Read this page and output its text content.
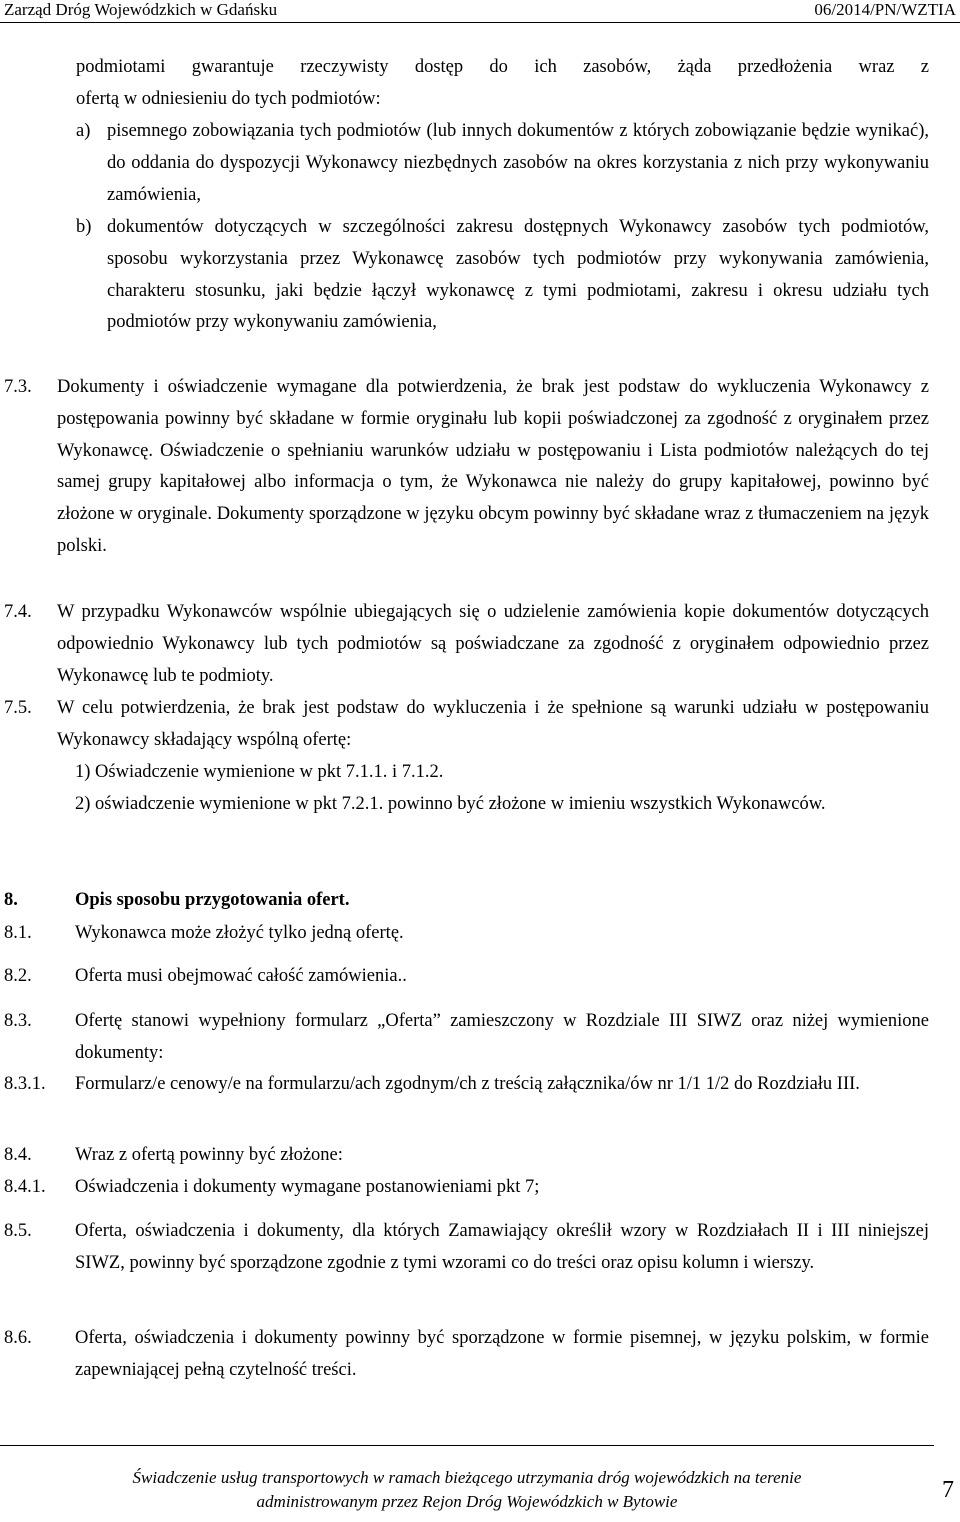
Zarząd Dróg Wojewódzkich w Gdańsku	06/2014/PN/WZTIA
podmiotami gwarantuje rzeczywisty dostęp do ich zasobów, żąda przedłożenia wraz z
ofertą w odniesieniu do tych podmiotów:
a) pisemnego zobowiązania tych podmiotów (lub innych dokumentów z których zobowiązanie będzie wynikać), do oddania do dyspozycji Wykonawcy niezbędnych zasobów na okres korzystania z nich przy wykonywaniu zamówienia,
b) dokumentów dotyczących w szczególności zakresu dostępnych Wykonawcy zasobów tych podmiotów, sposobu wykorzystania przez Wykonawcę zasobów tych podmiotów przy wykonywania zamówienia, charakteru stosunku, jaki będzie łączył wykonawcę z tymi podmiotami, zakresu i okresu udziału tych podmiotów przy wykonywaniu zamówienia,
7.3. Dokumenty i oświadczenie wymagane dla potwierdzenia, że brak jest podstaw do wykluczenia Wykonawcy z postępowania powinny być składane w formie oryginału lub kopii poświadczonej za zgodność z oryginałem przez Wykonawcę. Oświadczenie o spełnianiu warunków udziału w postępowaniu i Lista podmiotów należących do tej samej grupy kapitałowej albo informacja o tym, że Wykonawca nie należy do grupy kapitałowej, powinno być złożone w oryginale. Dokumenty sporządzone w języku obcym powinny być składane wraz z tłumaczeniem na język polski.
7.4. W przypadku Wykonawców wspólnie ubiegających się o udzielenie zamówienia kopie dokumentów dotyczących odpowiednio Wykonawcy lub tych podmiotów są poświadczane za zgodność z oryginałem odpowiednio przez Wykonawcę lub te podmioty.
7.5. W celu potwierdzenia, że brak jest podstaw do wykluczenia i że spełnione są warunki udziału w postępowaniu Wykonawcy składający wspólną ofertę:
1) Oświadczenie wymienione w pkt 7.1.1. i 7.1.2.
2) oświadczenie wymienione w pkt 7.2.1. powinno być złożone w imieniu wszystkich Wykonawców.
8.	Opis sposobu przygotowania ofert.
8.1. Wykonawca może złożyć tylko jedną ofertę.
8.2. Oferta musi obejmować całość zamówienia..
8.3. Ofertę stanowi wypełniony formularz „Oferta” zamieszczony w Rozdziale III SIWZ oraz niżej wymienione dokumenty:
8.3.1. Formularz/e cenowy/e na formularzu/ach zgodnym/ch z treścią załącznika/ów nr 1/1 1/2 do Rozdziału III.
8.4. Wraz z ofertą powinny być złożone:
8.4.1. Oświadczenia i dokumenty wymagane postanowieniami pkt 7;
8.5. Oferta, oświadczenia i dokumenty, dla których Zamawiający określił wzory w Rozdziałach II i III niniejszej SIWZ, powinny być sporządzone zgodnie z tymi wzorami co do treści oraz opisu kolumn i wierszy.
8.6. Oferta, oświadczenia i dokumenty powinny być sporządzone w formie pisemnej, w języku polskim, w formie zapewniającej pełną czytelność treści.
Świadczenie usług transportowych w ramach bieżącego utrzymania dróg wojewódzkich na terenie
administrowanym przez Rejon Dróg Wojewódzkich w Bytowie	7
